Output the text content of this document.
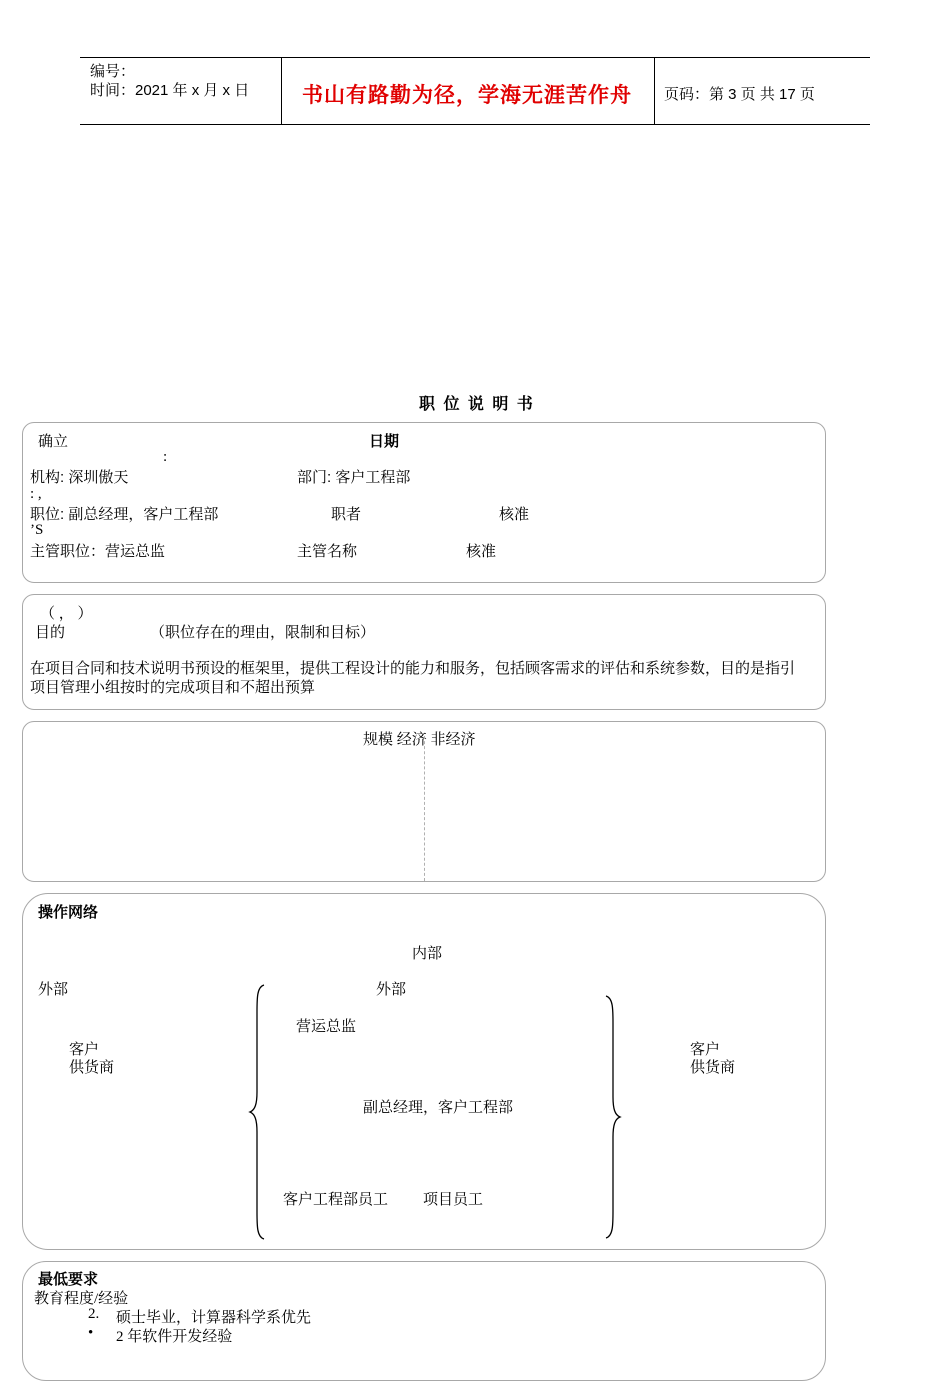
编号：
时间：2021 年 x 月 x 日	书山有路勤为径，学海无涯苦作舟 页码：第 3 页 共 17 页
职 位 说 明 书
确立	日期
:
机构: 深圳傲天	部门: 客户工程部
: ,
职位: 副总经理，客户工程部	职者	核准
’S
主管职位：营运总监	主管名称	核准
（ ， ）
目的	（职位存在的理由，限制和目标）
在项目合同和技术说明书预设的框架里，提供工程设计的能力和服务，包括顾客需求的评估和系统参数，目的是指引
项目管理小组按时的完成项目和不超出预算
规模 经济 非经济
操作网络
内部
外部	外部
客户
供货商
营运总监
副总经理，客户工程部
客户工程部员工 项目员工
客户
供货商
最低要求
教育程度/经验
2. 硕士毕业，计算器科学系优先
• 2 年软件开发经验
